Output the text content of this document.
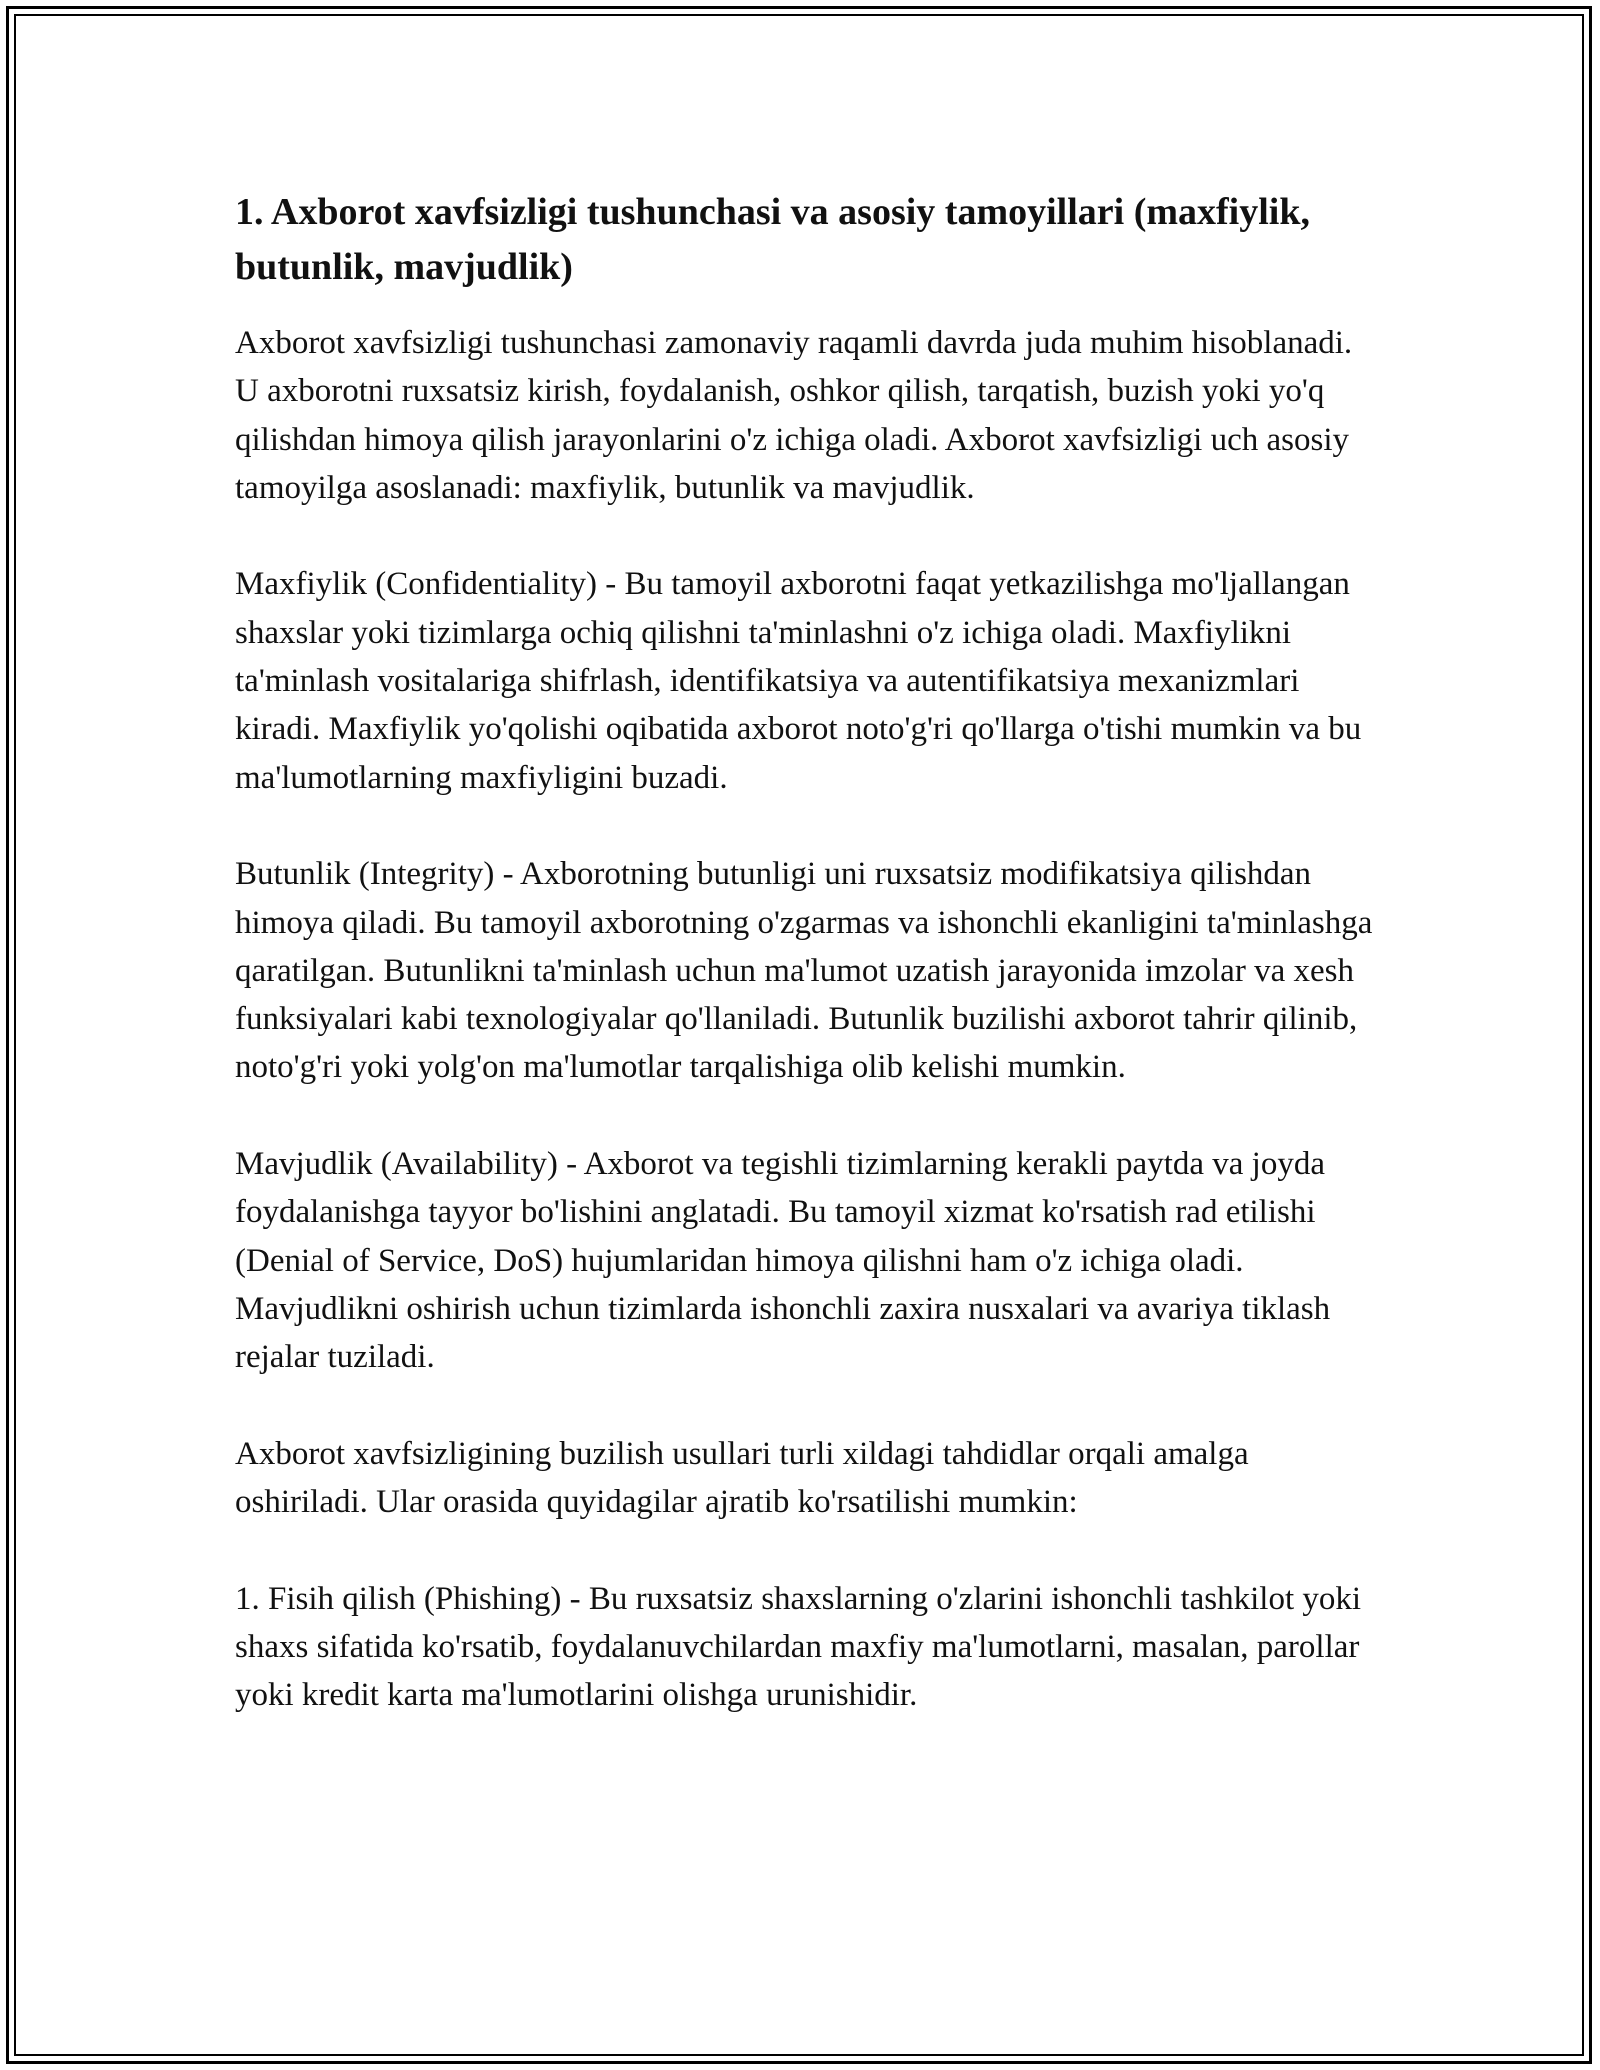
1. Axborot xavfsizligi tushunchasi va asosiy tamoyillari (maxfiylik, butunlik, mavjudlik)

Axborot xavfsizligi tushunchasi zamonaviy raqamli davrda juda muhim hisoblanadi. U axborotni ruxsatsiz kirish, foydalanish, oshkor qilish, tarqatish, buzish yoki yo'q qilishdan himoya qilish jarayonlarini o'z ichiga oladi. Axborot xavfsizligi uch asosiy tamoyilga asoslanadi: maxfiylik, butunlik va mavjudlik.

Maxfiylik (Confidentiality) - Bu tamoyil axborotni faqat yetkazilishga mo'ljallangan shaxslar yoki tizimlarga ochiq qilishni ta'minlashni o'z ichiga oladi. Maxfiylikni ta'minlash vositalariga shifrlash, identifikatsiya va autentifikatsiya mexanizmlari kiradi. Maxfiylik yo'qolishi oqibatida axborot noto'g'ri qo'llarga o'tishi mumkin va bu ma'lumotlarning maxfiyligini buzadi.

Butunlik (Integrity) - Axborotning butunligi uni ruxsatsiz modifikatsiya qilishdan himoya qiladi. Bu tamoyil axborotning o'zgarmas va ishonchli ekanligini ta'minlashga qaratilgan. Butunlikni ta'minlash uchun ma'lumot uzatish jarayonida imzolar va xesh funksiyalari kabi texnologiyalar qo'llaniladi. Butunlik buzilishi axborot tahrir qilinib, noto'g'ri yoki yolg'on ma'lumotlar tarqalishiga olib kelishi mumkin.

Mavjudlik (Availability) - Axborot va tegishli tizimlarning kerakli paytda va joyda foydalanishga tayyor bo'lishini anglatadi. Bu tamoyil xizmat ko'rsatish rad etilishi (Denial of Service, DoS) hujumlaridan himoya qilishni ham o'z ichiga oladi. Mavjudlikni oshirish uchun tizimlarda ishonchli zaxira nusxalari va avariya tiklash rejalar tuziladi.

Axborot xavfsizligining buzilish usullari turli xildagi tahdidlar orqali amalga oshiriladi. Ular orasida quyidagilar ajratib ko'rsatilishi mumkin:

1. Fisih qilish (Phishing) - Bu ruxsatsiz shaxslarning o'zlarini ishonchli tashkilot yoki shaxs sifatida ko'rsatib, foydalanuvchilardan maxfiy ma'lumotlarni, masalan, parollar yoki kredit karta ma'lumotlarini olishga urunishidir.
